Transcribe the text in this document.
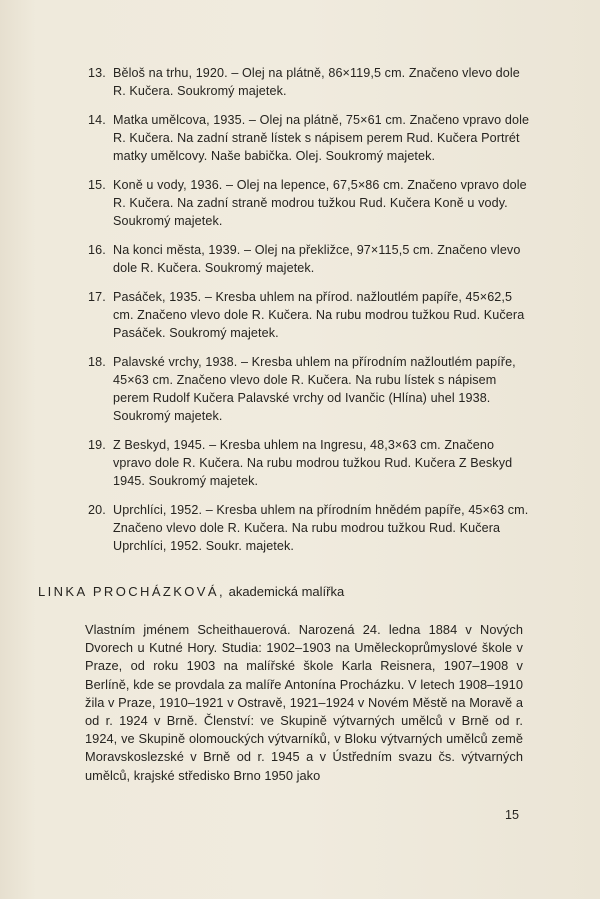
13. Běloš na trhu, 1920. – Olej na plátně, 86×119,5 cm. Značeno vlevo dole R. Kučera. Soukromý majetek.
14. Matka umělcova, 1935. – Olej na plátně, 75×61 cm. Značeno vpravo dole R. Kučera. Na zadní straně lístek s nápisem perem Rud. Kučera Portrét matky umělcovy. Naše babička. Olej. Soukromý majetek.
15. Koně u vody, 1936. – Olej na lepence, 67,5×86 cm. Značeno vpravo dole R. Kučera. Na zadní straně modrou tužkou Rud. Kučera Koně u vody. Soukromý majetek.
16. Na konci města, 1939. – Olej na překližce, 97×115,5 cm. Značeno vlevo dole R. Kučera. Soukromý majetek.
17. Pasáček, 1935. – Kresba uhlem na přírod. nažloutlém papíře, 45×62,5 cm. Značeno vlevo dole R. Kučera. Na rubu modrou tužkou Rud. Kučera Pasáček. Soukromý majetek.
18. Palavské vrchy, 1938. – Kresba uhlem na přírodním nažloutlém papíře, 45×63 cm. Značeno vlevo dole R. Kučera. Na rubu lístek s nápisem perem Rudolf Kučera Palavské vrchy od Ivančic (Hlína) uhel 1938. Soukromý majetek.
19. Z Beskyd, 1945. – Kresba uhlem na Ingresu, 48,3×63 cm. Značeno vpravo dole R. Kučera. Na rubu modrou tužkou Rud. Kučera Z Beskyd 1945. Soukromý majetek.
20. Uprchlíci, 1952. – Kresba uhlem na přírodním hnědém papíře, 45×63 cm. Značeno vlevo dole R. Kučera. Na rubu modrou tužkou Rud. Kučera Uprchlíci, 1952. Soukr. majetek.
LINKA PROCHÁZKOVÁ, akademická malířka
Vlastním jménem Scheithauerová. Narozená 24. ledna 1884 v Nových Dvorech u Kutné Hory. Studia: 1902–1903 na Uměleckoprůmyslové škole v Praze, od roku 1903 na malířské škole Karla Reisnera, 1907–1908 v Berlíně, kde se provdala za malíře Antonína Procházku. V letech 1908–1910 žila v Praze, 1910–1921 v Ostravě, 1921–1924 v Novém Městě na Moravě a od r. 1924 v Brně. Členství: ve Skupině výtvarných umělců v Brně od r. 1924, ve Skupině olomouckých výtvarníků, v Bloku výtvarných umělců země Moravskoslezské v Brně od r. 1945 a v Ústředním svazu čs. výtvarných umělců, krajské středisko Brno 1950 jako
15
